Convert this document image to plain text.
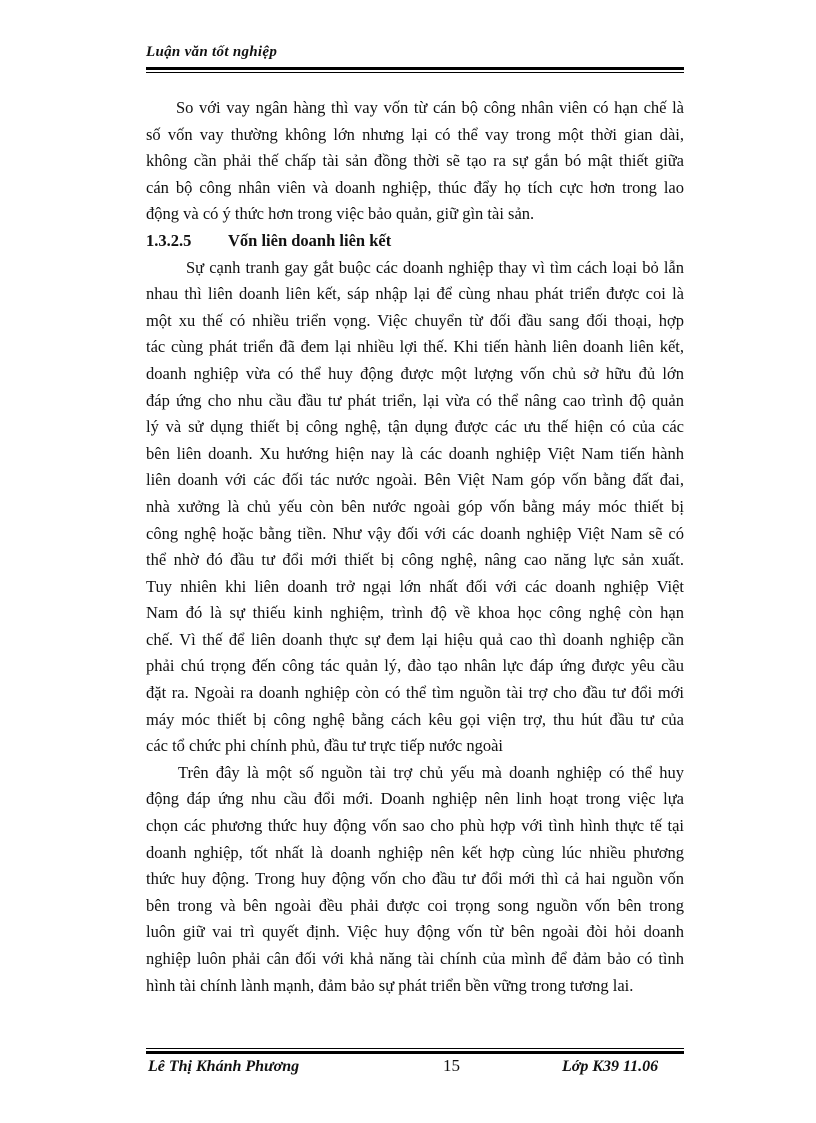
Luận văn tốt nghiệp

So với vay ngân hàng thì vay vốn từ cán bộ công nhân viên có hạn chế là
số vốn vay thường không lớn nhưng lại có thể vay trong một thời gian dài,
không cần phải thế chấp tài sản đồng thời sẽ tạo ra sự gắn bó mật thiết giữa
cán bộ công nhân viên và doanh nghiệp, thúc đẩy họ tích cực hơn trong lao
động và có ý thức hơn trong việc bảo quản, giữ gìn tài sản.

1.3.2.5 Vốn liên doanh liên kết

Sự cạnh tranh gay gắt buộc các doanh nghiệp thay vì tìm cách loại bỏ lẫn
nhau thì liên doanh liên kết, sáp nhập lại để cùng nhau phát triển được coi là
một xu thế có nhiều triển vọng. Việc chuyển từ đối đầu sang đối thoại, hợp
tác cùng phát triển đã đem lại nhiều lợi thế. Khi tiến hành liên doanh liên kết,
doanh nghiệp vừa có thể huy động được một lượng vốn chủ sở hữu đủ lớn
đáp ứng cho nhu cầu đầu tư phát triển, lại vừa có thể nâng cao trình độ quản
lý và sử dụng thiết bị công nghệ, tận dụng được các ưu thế hiện có của các
bên liên doanh. Xu hướng hiện nay là các doanh nghiệp Việt Nam tiến hành
liên doanh với các đối tác nước ngoài. Bên Việt Nam góp vốn bằng đất đai,
nhà xưởng là chủ yếu còn bên nước ngoài góp vốn bằng máy móc thiết bị
công nghệ hoặc bằng tiền. Như vậy đối với các doanh nghiệp Việt Nam sẽ có
thể nhờ đó đầu tư đổi mới thiết bị công nghệ, nâng cao năng lực sản xuất.
Tuy nhiên khi liên doanh trở ngại lớn nhất đối với các doanh nghiệp Việt
Nam đó là sự thiếu kinh nghiệm, trình độ về khoa học công nghệ còn hạn
chế. Vì thế để liên doanh thực sự đem lại hiệu quả cao thì doanh nghiệp cần
phải chú trọng đến công tác quản lý, đào tạo nhân lực đáp ứng được yêu cầu
đặt ra. Ngoài ra doanh nghiệp còn có thể tìm nguồn tài trợ cho đầu tư đổi mới
máy móc thiết bị công nghệ bằng cách kêu gọi viện trợ, thu hút đầu tư của
các tổ chức phi chính phủ, đầu tư trực tiếp nước ngoài

Trên đây là một số nguồn tài trợ chủ yếu mà doanh nghiệp có thể huy
động đáp ứng nhu cầu đổi mới. Doanh nghiệp nên linh hoạt trong việc lựa
chọn các phương thức huy động vốn sao cho phù hợp với tình hình thực tế tại
doanh nghiệp, tốt nhất là doanh nghiệp nên kết hợp cùng lúc nhiều phương
thức huy động. Trong huy động vốn cho đầu tư đổi mới thì cả hai nguồn vốn
bên trong và bên ngoài đều phải được coi trọng song nguồn vốn bên trong
luôn giữ vai trì quyết định. Việc huy động vốn từ bên ngoài đòi hỏi doanh
nghiệp luôn phải cân đối với khả năng tài chính của mình để đảm bảo có tình
hình tài chính lành mạnh, đảm bảo sự phát triển bền vững trong tương lai.

Lê Thị Khánh Phương	15	Lớp K39 11.06
